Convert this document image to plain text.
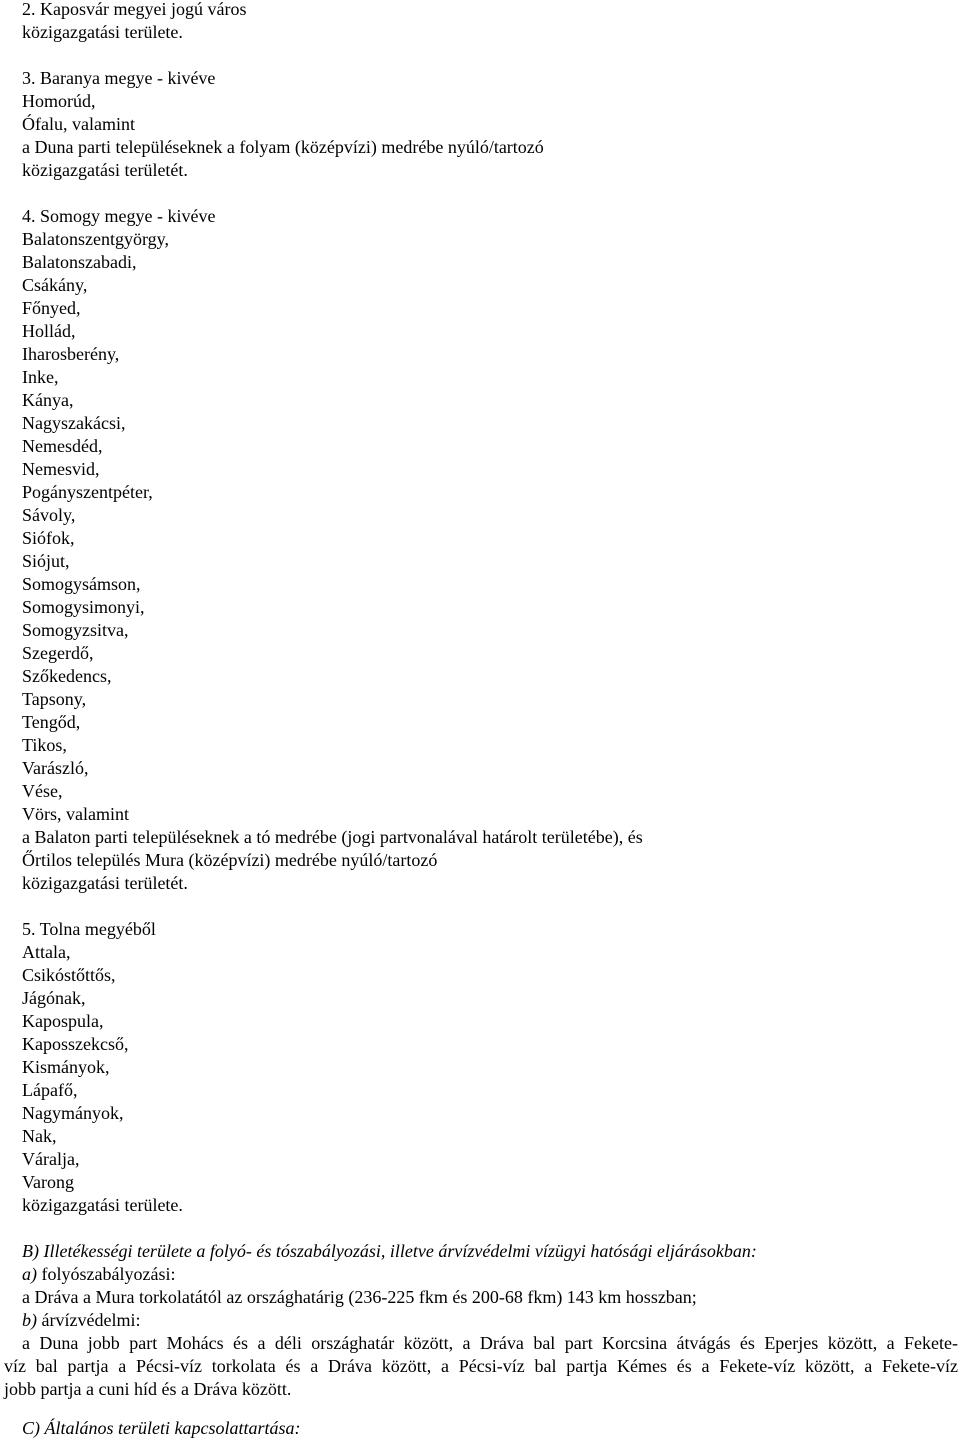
2. Kaposvár megyei jogú város
közigazgatási területe.
3. Baranya megye - kivéve
Homorúd,
Ófalu, valamint
a Duna parti településeknek a folyam (középvízi) medrébe nyúló/tartozó
közigazgatási területét.
4. Somogy megye - kivéve
Balatonszentgyörgy,
Balatonszabadi,
Csákány,
Főnyed,
Hollád,
Iharosberény,
Inke,
Kánya,
Nagyszakácsi,
Nemesdéd,
Nemesvid,
Pogányszentpéter,
Sávoly,
Siófok,
Siójut,
Somogysámson,
Somogysimonyi,
Somogyzsitva,
Szegerdő,
Szőkedencs,
Tapsony,
Tengőd,
Tikos,
Varászló,
Vése,
Vörs, valamint
a Balaton parti településeknek a tó medrébe (jogi partvonalával határolt területébe), és
Őrtilos település Mura (középvízi) medrébe nyúló/tartozó
közigazgatási területét.
5. Tolna megyéből
Attala,
Csikóstőttős,
Jágónak,
Kapospula,
Kaposszekcső,
Kismányok,
Lápafő,
Nagymányok,
Nak,
Váralja,
Varong
közigazgatási területe.
B) Illetékességi területe a folyó- és tószabályozási, illetve árvízvédelmi vízügyi hatósági eljárásokban:
a) folyószabályozási:
a Dráva a Mura torkolatától az országhatárig (236-225 fkm és 200-68 fkm) 143 km hosszban;
b) árvízvédelmi:
a Duna jobb part Mohács és a déli országhatár között, a Dráva bal part Korcsina átvágás és Eperjes között, a Fekete-
víz bal partja a Pécsi-víz torkolata és a Dráva között, a Pécsi-víz bal partja Kémes és a Fekete-víz között, a Fekete-víz
jobb partja a cuni híd és a Dráva között.
C) Általános területi kapcsolattartása:
